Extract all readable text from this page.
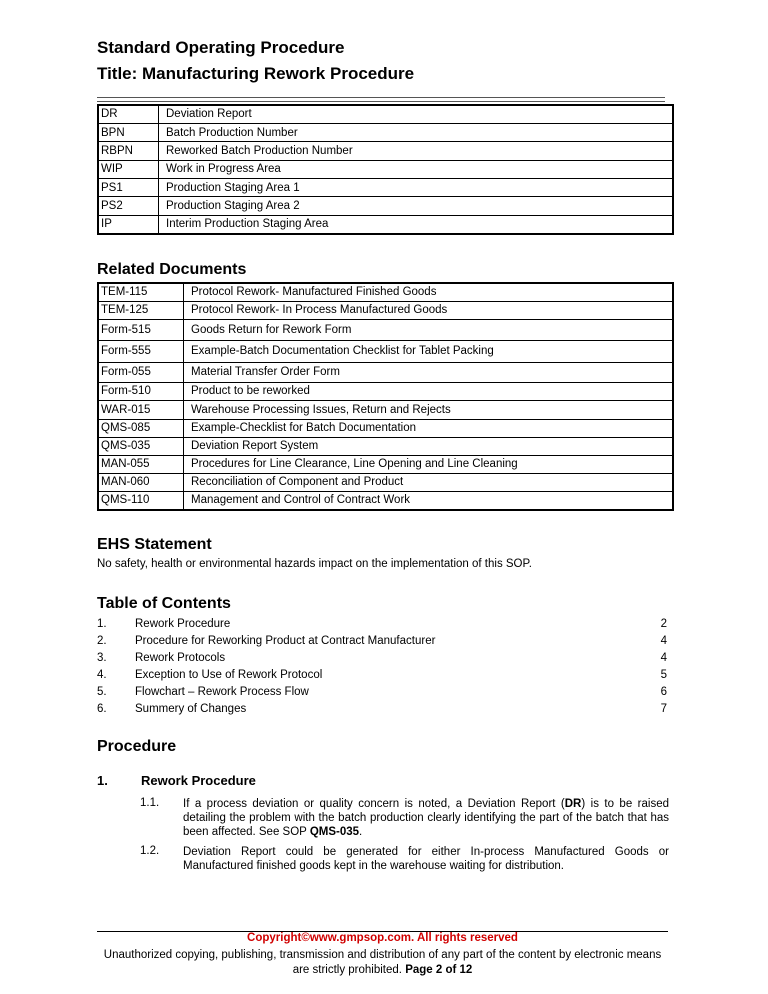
Standard Operating Procedure
Title: Manufacturing Rework Procedure
DR	Deviation Report
BPN	Batch Production Number
RBPN	Reworked Batch Production Number
WIP	Work in Progress Area
PS1	Production Staging Area 1
PS2	Production Staging Area 2
IP	Interim Production Staging Area
Related Documents
TEM-115	Protocol Rework- Manufactured Finished Goods
TEM-125	Protocol Rework- In Process Manufactured Goods
Form-515	Goods Return for Rework Form
Form-555	Example-Batch Documentation Checklist for Tablet Packing
Form-055	Material Transfer Order Form
Form-510	Product to be reworked
WAR-015	Warehouse Processing Issues, Return and Rejects
QMS-085	Example-Checklist for Batch Documentation
QMS-035	Deviation Report System
MAN-055	Procedures for Line Clearance, Line Opening and Line Cleaning
MAN-060	Reconciliation of Component and Product
QMS-110	Management and Control of Contract Work
EHS Statement
No safety, health or environmental hazards impact on the implementation of this SOP.
Table of Contents
1. Rework Procedure	2
2. Procedure for Reworking Product at Contract Manufacturer	4
3. Rework Protocols	4
4. Exception to Use of Rework Protocol	5
5. Flowchart – Rework Process Flow	6
6. Summery of Changes	7
Procedure
1.	Rework Procedure
1.1. If a process deviation or quality concern is noted, a Deviation Report (DR) is to be raised detailing the problem with the batch production clearly identifying the part of the batch that has been affected. See SOP QMS-035.
1.2. Deviation Report could be generated for either In-process Manufactured Goods or Manufactured finished goods kept in the warehouse waiting for distribution.
Copyright©www.gmpsop.com. All rights reserved
Unauthorized copying, publishing, transmission and distribution of any part of the content by electronic means are strictly prohibited. Page 2 of 12
